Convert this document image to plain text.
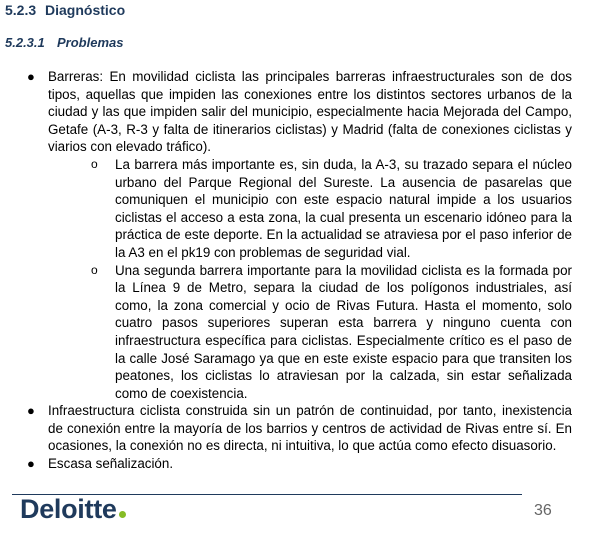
5.2.3 Diagnóstico
5.2.3.1 Problemas
● Barreras: En movilidad ciclista las principales barreras infraestructurales son de dos tipos, aquellas que impiden las conexiones entre los distintos sectores urbanos de la ciudad y las que impiden salir del municipio, especialmente hacia Mejorada del Campo, Getafe (A-3, R-3 y falta de itinerarios ciclistas) y Madrid (falta de conexiones ciclistas y viarios con elevado tráfico).
o La barrera más importante es, sin duda, la A-3, su trazado separa el núcleo urbano del Parque Regional del Sureste. La ausencia de pasarelas que comuniquen el municipio con este espacio natural impide a los usuarios ciclistas el acceso a esta zona, la cual presenta un escenario idóneo para la práctica de este deporte. En la actualidad se atraviesa por el paso inferior de la A3 en el pk19 con problemas de seguridad vial.
o Una segunda barrera importante para la movilidad ciclista es la formada por la Línea 9 de Metro, separa la ciudad de los polígonos industriales, así como, la zona comercial y ocio de Rivas Futura. Hasta el momento, solo cuatro pasos superiores superan esta barrera y ninguno cuenta con infraestructura específica para ciclistas. Especialmente crítico es el paso de la calle José Saramago ya que en este existe espacio para que transiten los peatones, los ciclistas lo atraviesan por la calzada, sin estar señalizada como de coexistencia.
● Infraestructura ciclista construida sin un patrón de continuidad, por tanto, inexistencia de conexión entre la mayoría de los barrios y centros de actividad de Rivas entre sí. En ocasiones, la conexión no es directa, ni intuitiva, lo que actúa como efecto disuasorio.
● Escasa señalización.
Deloitte	36
